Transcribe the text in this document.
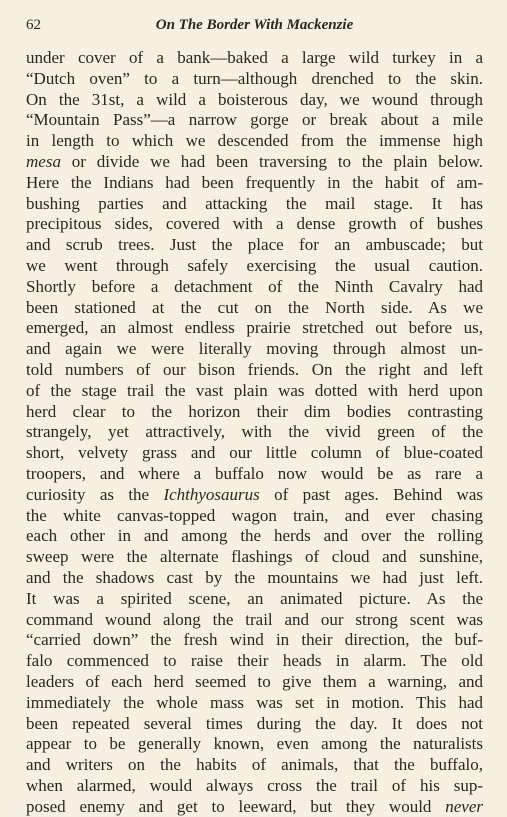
62	On The Border With Mackenzie
under cover of a bank—baked a large wild turkey in a
“Dutch oven” to a turn—although drenched to the skin.
On the 31st, a wild a boisterous day, we wound through
“Mountain Pass”—a narrow gorge or break about a mile
in length to which we descended from the immense high
mesa or divide we had been traversing to the plain below.
Here the Indians had been frequently in the habit of am-
bushing parties and attacking the mail stage. It has
precipitous sides, covered with a dense growth of bushes
and scrub trees. Just the place for an ambuscade; but
we went through safely exercising the usual caution.
Shortly before a detachment of the Ninth Cavalry had
been stationed at the cut on the North side. As we
emerged, an almost endless prairie stretched out before us,
and again we were literally moving through almost un-
told numbers of our bison friends. On the right and left
of the stage trail the vast plain was dotted with herd upon
herd clear to the horizon their dim bodies contrasting
strangely, yet attractively, with the vivid green of the
short, velvety grass and our little column of blue-coated
troopers, and where a buffalo now would be as rare a
curiosity as the Ichthyosaurus of past ages. Behind was
the white canvas-topped wagon train, and ever chasing
each other in and among the herds and over the rolling
sweep were the alternate flashings of cloud and sunshine,
and the shadows cast by the mountains we had just left.
It was a spirited scene, an animated picture. As the
command wound along the trail and our strong scent was
“carried down” the fresh wind in their direction, the buf-
falo commenced to raise their heads in alarm. The old
leaders of each herd seemed to give them a warning, and
immediately the whole mass was set in motion. This had
been repeated several times during the day. It does not
appear to be generally known, even among the naturalists
and writers on the habits of animals, that the buffalo,
when alarmed, would always cross the trail of his sup-
posed enemy and get to leeward, but they would never
